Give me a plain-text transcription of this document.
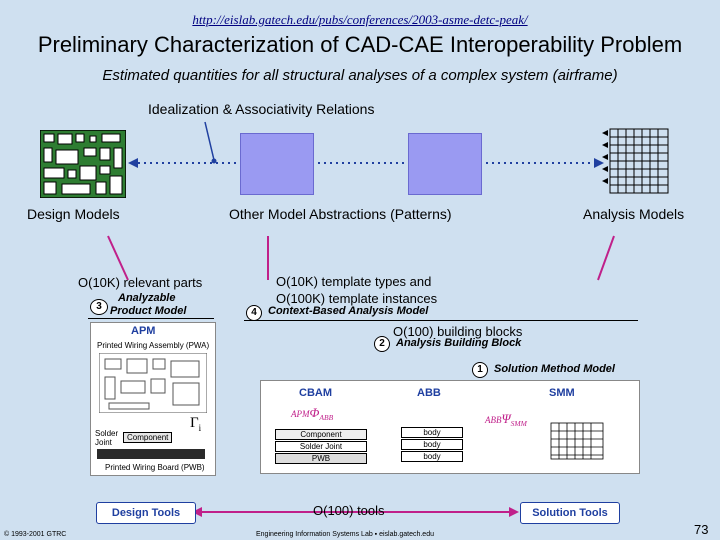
http://eislab.gatech.edu/pubs/conferences/2003-asme-detc-peak/
Preliminary Characterization of CAD-CAE Interoperability Problem
Estimated quantities for all structural analyses of a complex system (airframe)
Idealization & Associativity Relations
Design Models	Other Model Abstractions (Patterns)	Analysis Models
O(10K) relevant parts	O(10K) template types and
O(100K) template instances
O(100) building blocks
O(100) tools
3
Analyzable
Product Model
APM
Printed Wiring Assembly (PWA)
Solder
Joint
Component
Printed Wiring Board (PWB)
$\Gamma_i$
4	Context-Based Analysis Model
2	Analysis Building Block
1	Solution Method Model
CBAM	ABB	SMM
$APM\Phi_{ABB}$	$ABB\Psi_{SMM}$
Component
Solder Joint
PWB
body
body
body
Design Tools	Solution Tools
© 1993-2001 GTRC	Engineering Information Systems Lab ▪ eislab.gatech.edu	73
